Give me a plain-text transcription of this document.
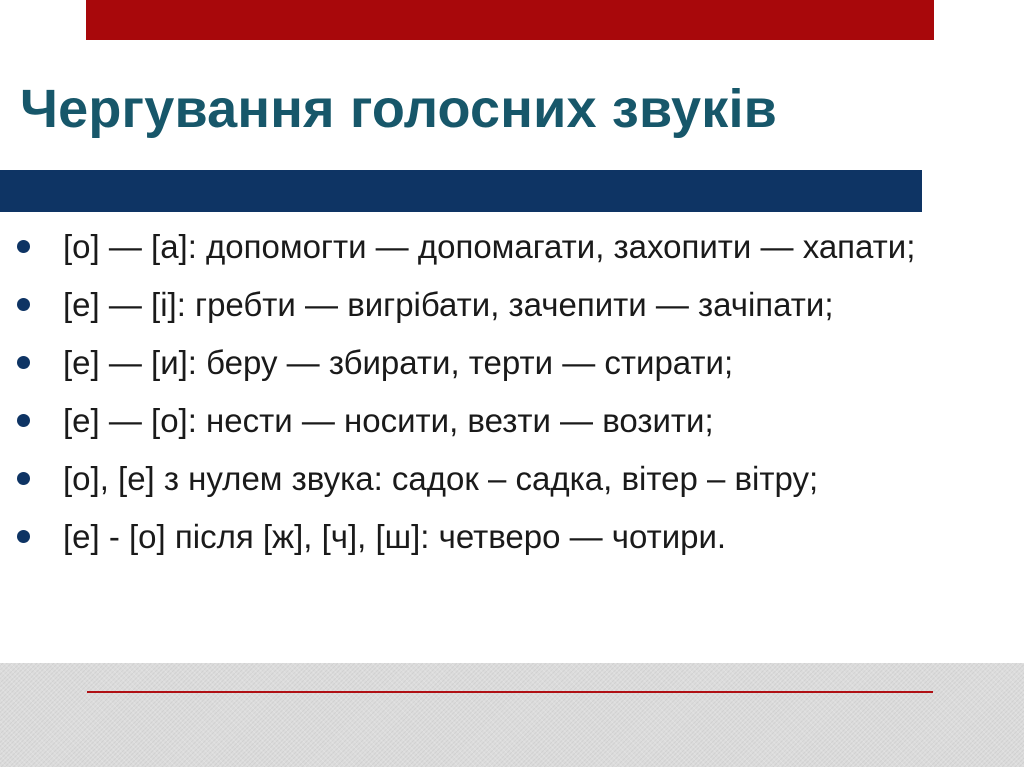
Чергування голосних звуків
[о] — [а]: допомогти — допомагати, захопити — хапати;
[е] — [і]: гребти — вигрібати, зачепити — зачіпати;
[е] — [и]: беру — збирати, терти — стирати;
[е] — [о]: нести — носити, везти — возити;
[о], [е] з нулем звука: садок – садка, вітер – вітру;
[е] - [о] після [ж], [ч], [ш]: четверо — чотири.
